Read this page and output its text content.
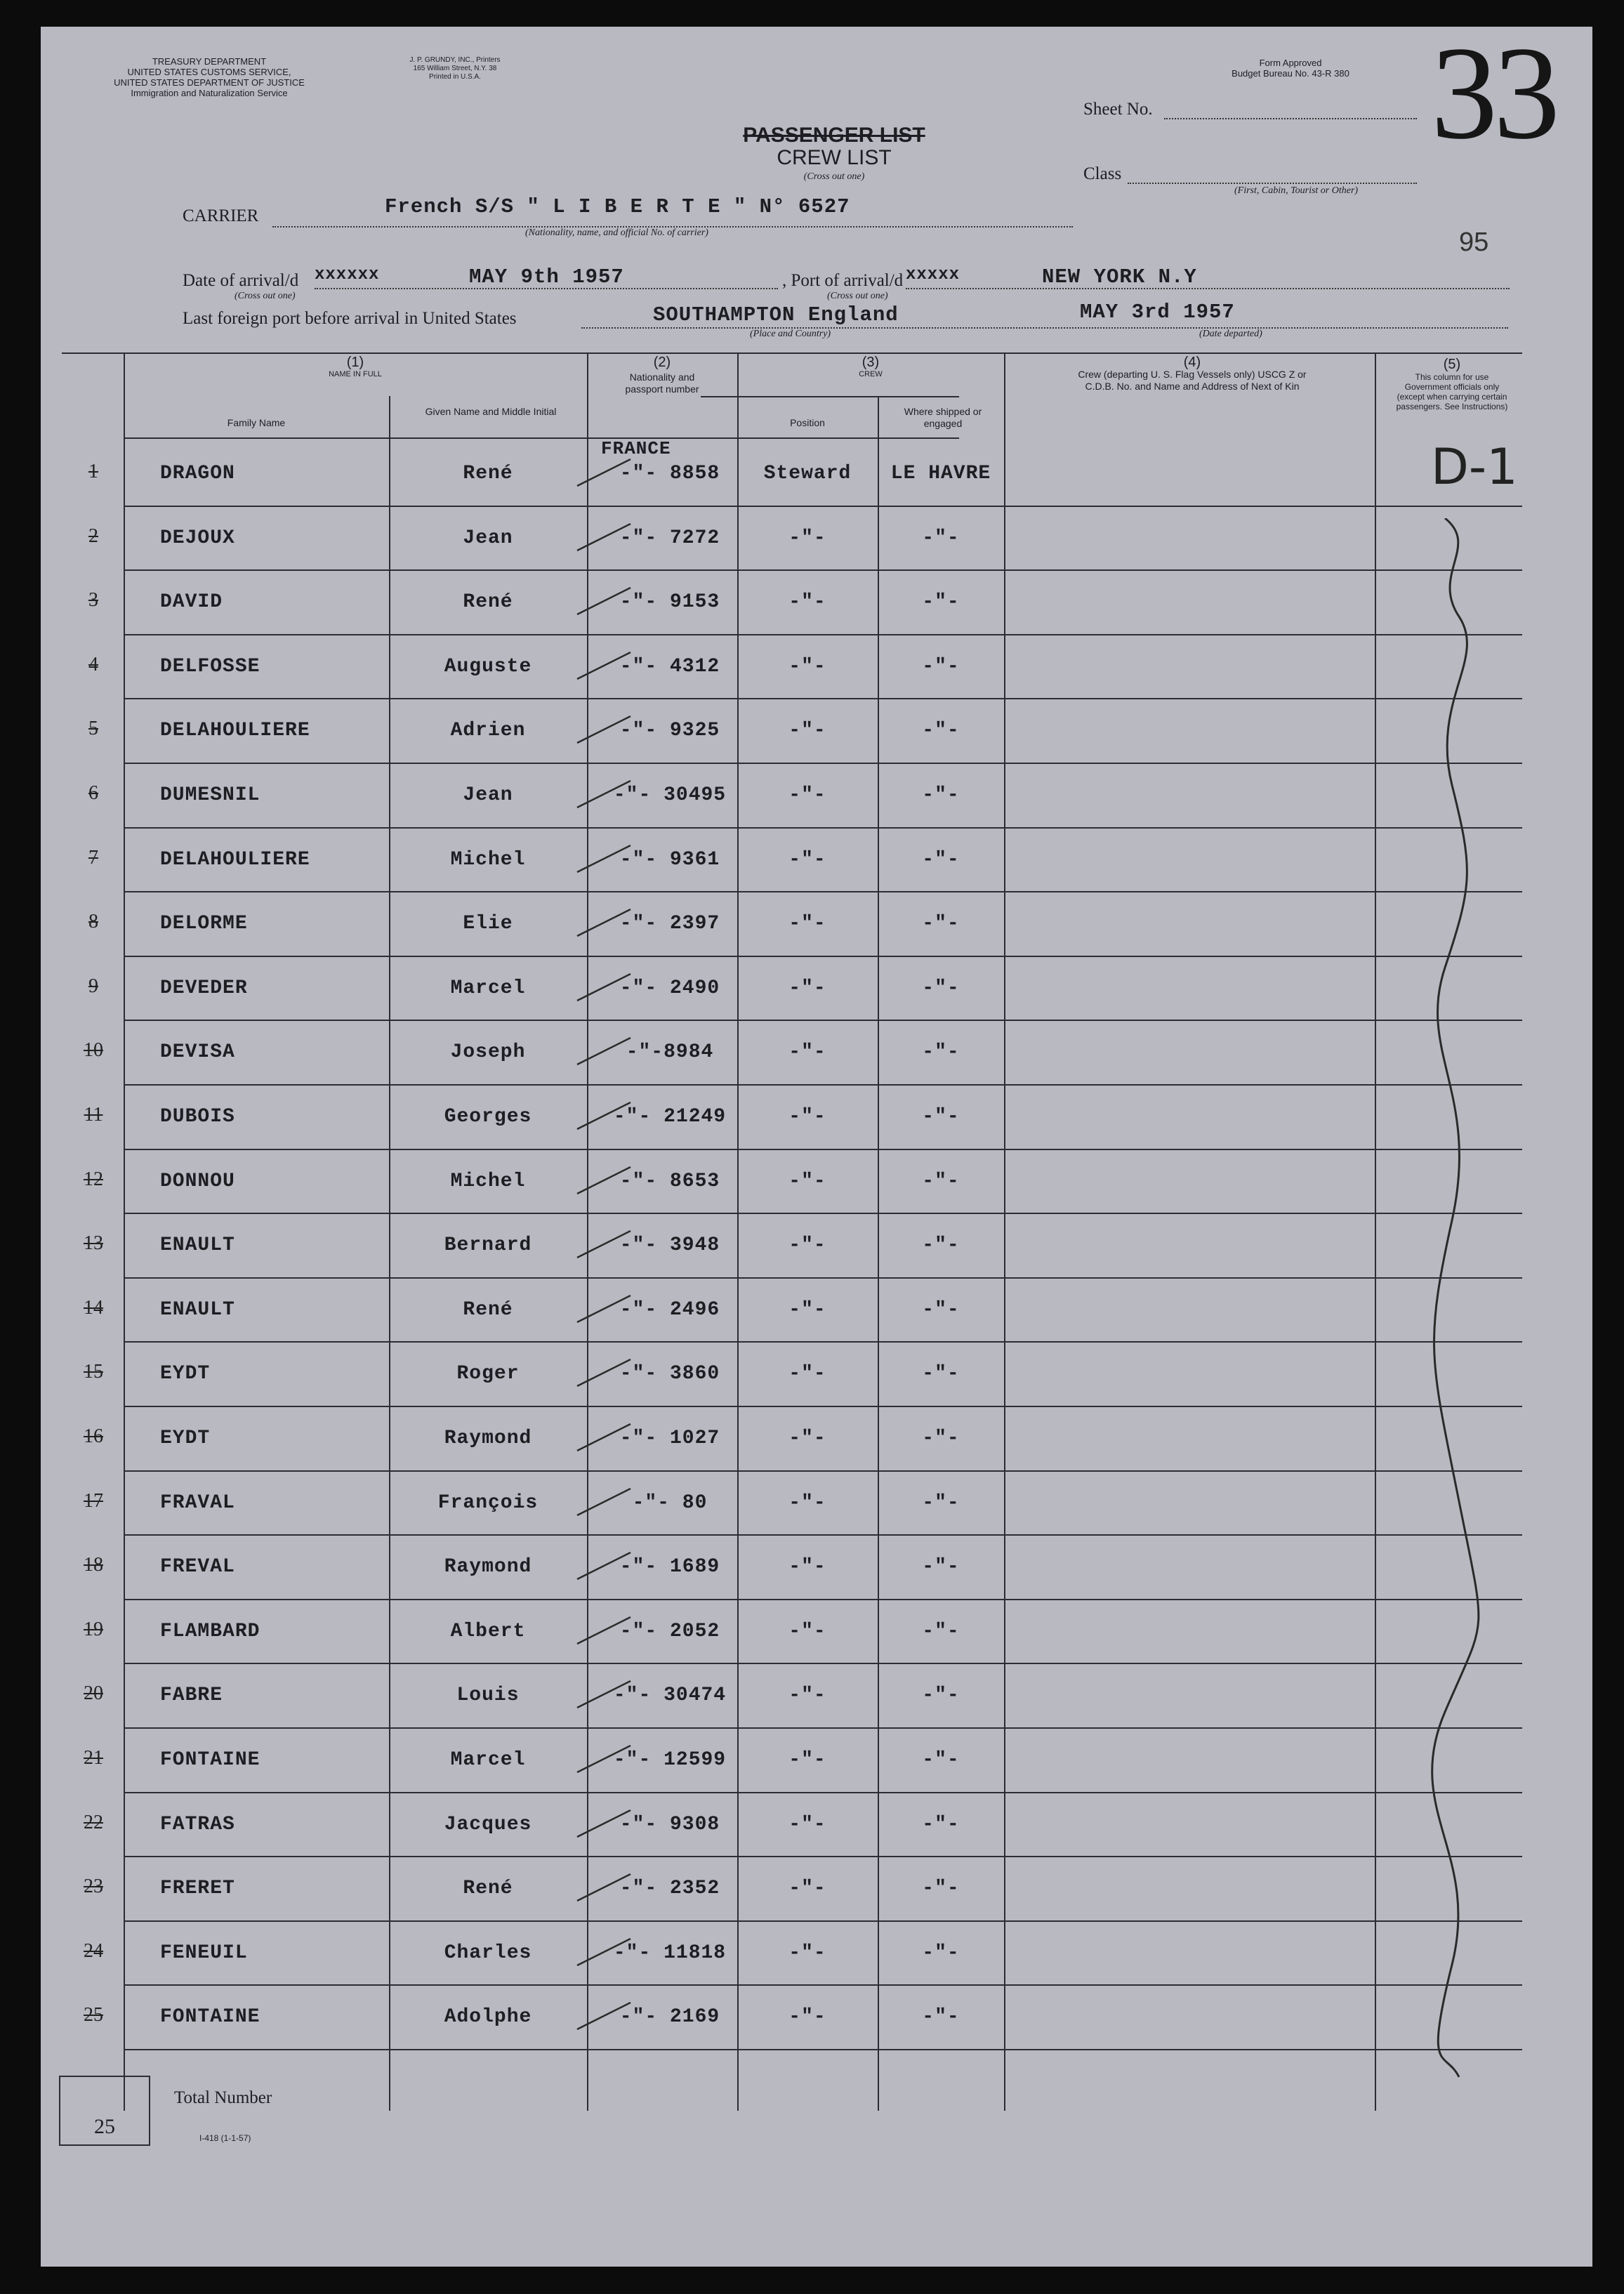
TREASURY DEPARTMENT
UNITED STATES CUSTOMS SERVICE,
UNITED STATES DEPARTMENT OF JUSTICE
Immigration and Naturalization Service
J. P. GRUNDY, INC., Printers
165 William Street, N.Y. 38
Printed in U.S.A.
Form Approved
Budget Bureau No. 43-R 380 33
Sheet No.
Class
(First, Cabin, Tourist or Other)
PASSENGER LIST
CREW LIST
(Cross out one)
95
CARRIER	French S/S " L I B E R T E " N° 6527
(Nationality, name, and official No. of carrier)
Date of arrival/d xxxxxx	MAY 9th 1957
(Cross out one)
, Port of arrival/d xxxxx	NEW YORK N.Y
(Cross out one)
Last foreign port before arrival in United States	SOUTHAMPTON England	MAY 3rd 1957
(Place and Country)	(Date departed)
(1)
NAME IN FULL
Family Name
Given Name and Middle Initial
(2)
Nationality and passport number
(3)
CREW
Position
Where shipped or engaged
(4)
Crew (departing U. S. Flag Vessels only) USCG Z or C.D.B. No. and Name and Address of Next of Kin
(5)
This column for use Government officials only (except when carrying certain passengers. See Instructions)
FRANCE	D-1
1	DRAGON	René	-"- 8858	Steward	LE HAVRE
2	DEJOUX	Jean	-"- 7272	-"-	-"-
3	DAVID	René	-"- 9153	-"-	-"-
4	DELFOSSE	Auguste	-"- 4312	-"-	-"-
5	DELAHOULIERE	Adrien	-"- 9325	-"-	-"-
6	DUMESNIL	Jean	-"- 30495	-"-	-"-
7	DELAHOULIERE	Michel	-"- 9361	-"-	-"-
8	DELORME	Elie	-"- 2397	-"-	-"-
9	DEVEDER	Marcel	-"- 2490	-"-	-"-
10	DEVISA	Joseph	-"-8984	-"-	-"-
11	DUBOIS	Georges	-"- 21249	-"-	-"-
12	DONNOU	Michel	-"- 8653	-"-	-"-
13	ENAULT	Bernard	-"- 3948	-"-	-"-
14	ENAULT	René	-"- 2496	-"-	-"-
15	EYDT	Roger	-"- 3860	-"-	-"-
16	EYDT	Raymond	-"- 1027	-"-	-"-
17	FRAVAL	François	-"- 80	-"-	-"-
18	FREVAL	Raymond	-"- 1689	-"-	-"-
19	FLAMBARD	Albert	-"- 2052	-"-	-"-
20	FABRE	Louis	-"- 30474	-"-	-"-
21	FONTAINE	Marcel	-"- 12599	-"-	-"-
22	FATRAS	Jacques	-"- 9308	-"-	-"-
23	FRERET	René	-"- 2352	-"-	-"-
24	FENEUIL	Charles	-"- 11818	-"-	-"-
25	FONTAINE	Adolphe	-"- 2169	-"-	-"-
25
Total Number
I-418 (1-1-57)
